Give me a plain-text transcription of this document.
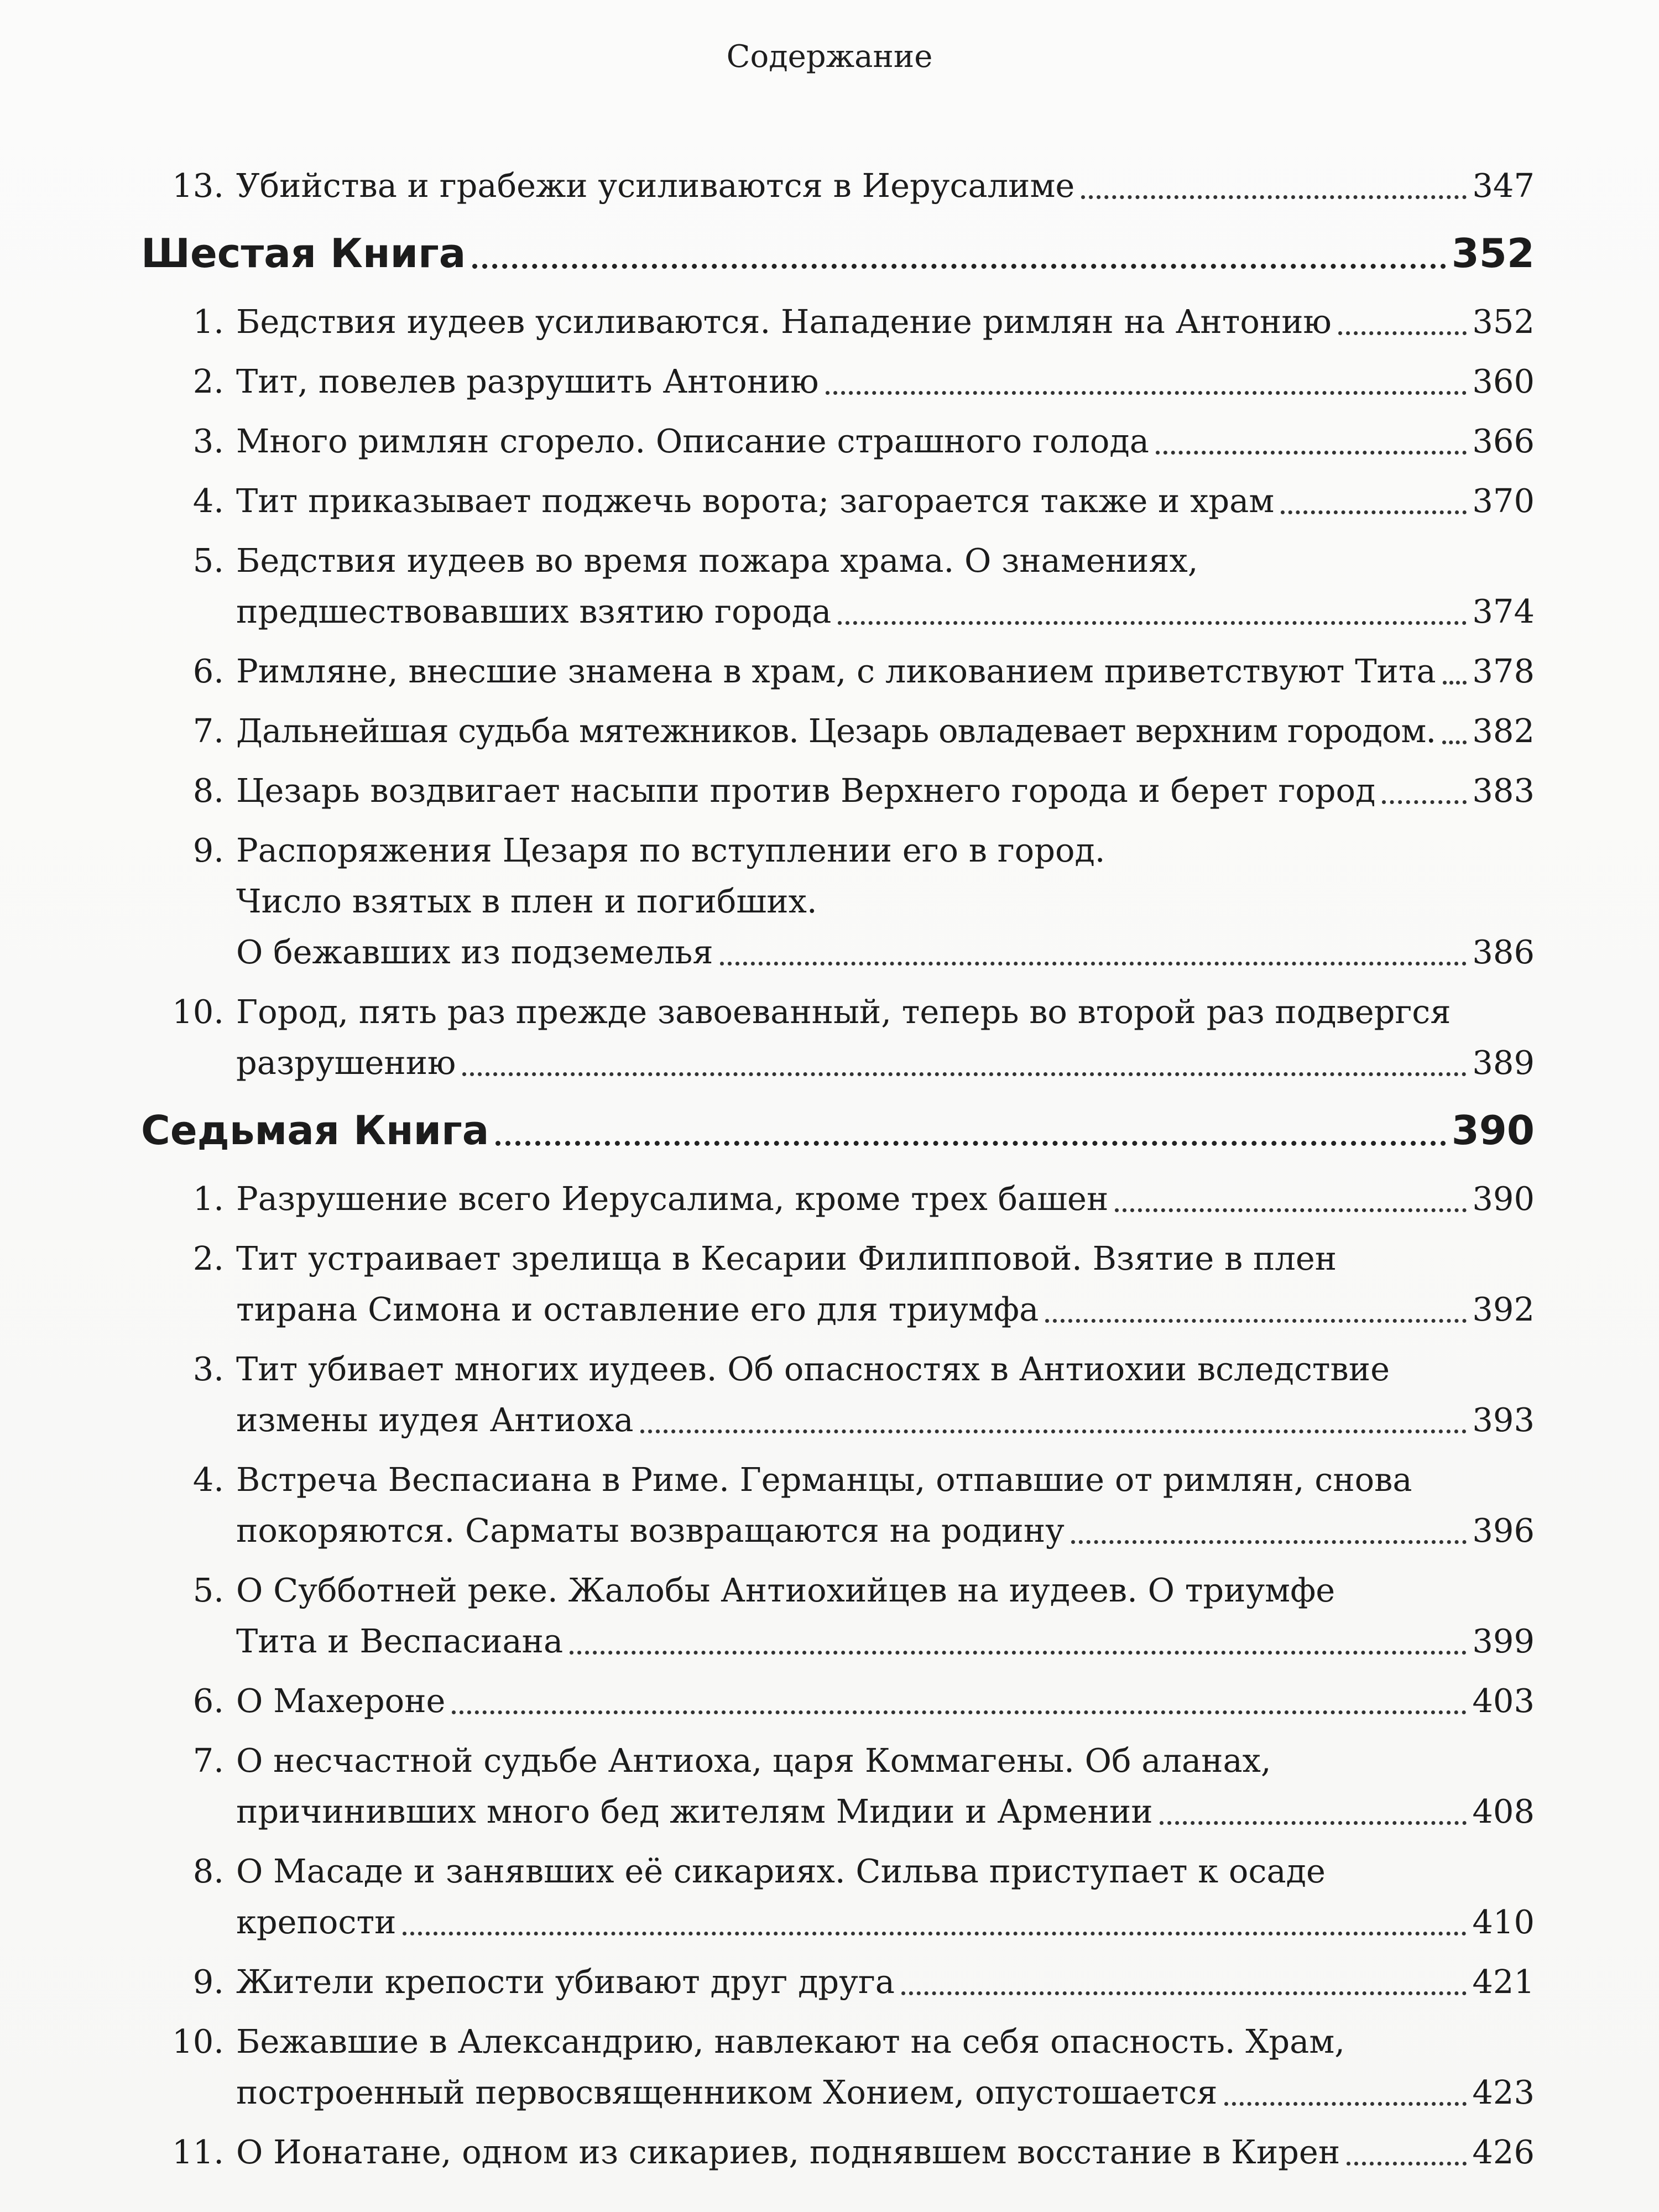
Содержание
13. Убийства и грабежи усиливаются в Иерусалиме	347
Шестая Книга	352
1. Бедствия иудеев усиливаются. Нападение римлян на Антонию	352
2. Тит, повелев разрушить Антонию	360
3. Много римлян сгорело. Описание страшного голода	366
4. Тит приказывает поджечь ворота; загорается также и храм	370
5. Бедствия иудеев во время пожара храма. О знамениях,
предшествовавших взятию города	374
6. Римляне, внесшие знамена в храм, с ликованием приветствуют Тита 378
7. Дальнейшая судьба мятежников. Цезарь овладевает верхним городом. 382
8. Цезарь воздвигает насыпи против Верхнего города и берет город	383
9. Распоряжения Цезаря по вступлении его в город.
Число взятых в плен и погибших.
О бежавших из подземелья	386
10. Город, пять раз прежде завоеванный, теперь во второй раз подвергся
разрушению	389
Седьмая Книга	390
1. Разрушение всего Иерусалима, кроме трех башен	390
2. Тит устраивает зрелища в Кесарии Филипповой. Взятие в плен
тирана Симона и оставление его для триумфа	392
3. Тит убивает многих иудеев. Об опасностях в Антиохии вследствие
измены иудея Антиоха	393
4. Встреча Веспасиана в Риме. Германцы, отпавшие от римлян, снова
покоряются. Сарматы возвращаются на родину	396
5. О Субботней реке. Жалобы Антиохийцев на иудеев. О триумфе
Тита и Веспасиана	399
6. О Махероне	403
7. О несчастной судьбе Антиоха, царя Коммагены. Об аланах,
причинивших много бед жителям Мидии и Армении	408
8. О Масаде и занявших её сикариях. Сильва приступает к осаде
крепости	410
9. Жители крепости убивают друг друга	421
10. Бежавшие в Александрию, навлекают на себя опасность. Храм,
построенный первосвященником Хонием, опустошается	423
11. О Ионатане, одном из сикариев, поднявшем восстание в Кирен	426
